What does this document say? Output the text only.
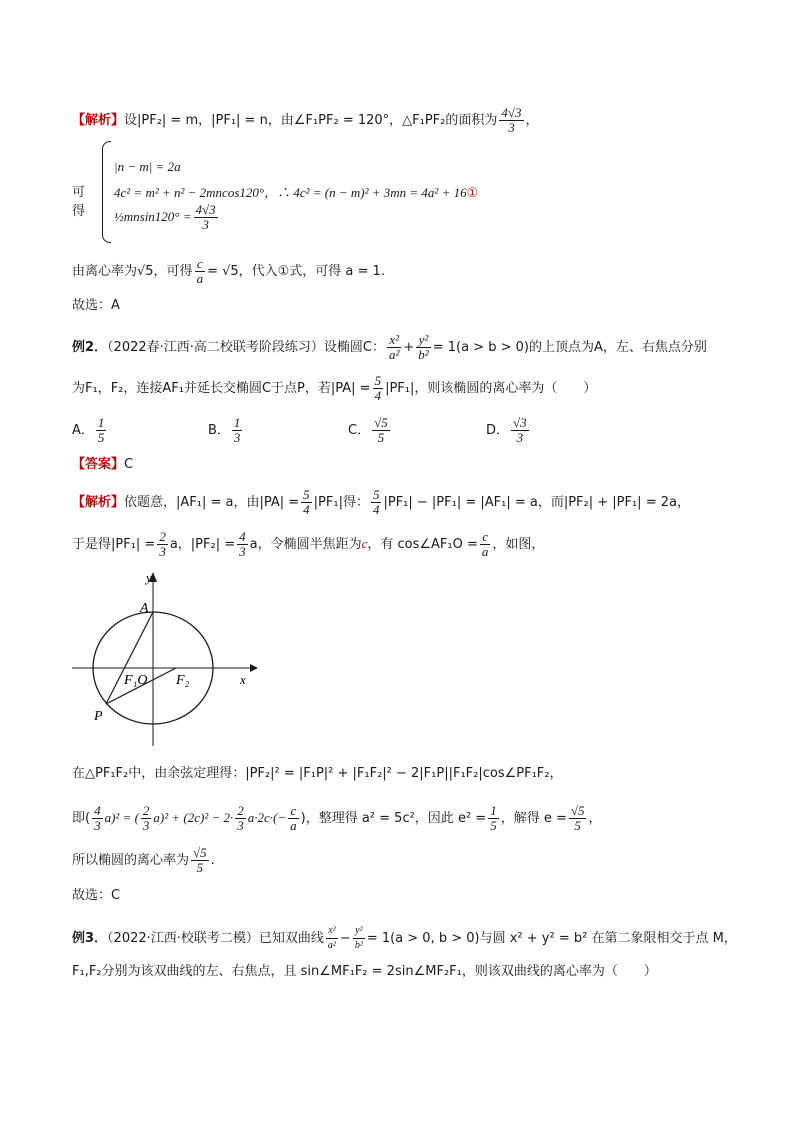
【解析】设|PF₂| = m，|PF₁| = n，由∠F₁PF₂ = 120°，△F₁PF₂的面积为 $\frac{4√3}{3}$ ，
可得
|n − m| = 2a
4c² = m² + n² − 2mncos120°，∴ 4c² = (n − m)² + 3mn = 4a² + 16①
½mnsin120° = $\frac{4√3}{3}$
由离心率为√5，可得 $\frac{c}{a} = √5$，代入①式，可得 a = 1.
故选：A
例2．（2022春·江西·高二校联考阶段练习）设椭圆C： $\frac{\text{x²}}{\text{a²}} + \frac{\text{y²}}{\text{b²}} = 1(a > b > 0)$的上顶点为A，左、右焦点分别
为F₁，F₂，连接AF₁并延长交椭圆C于点P，若$|PA| = \frac{5}{4} |PF_1|$，则该椭圆的离心率为（　　）
A． $\frac{1}{5}$	B． $\frac{1}{3}$	C． $\frac{√5}{5}$	D． $\frac{√3}{3}$
【答案】C
【解析】依题意，|AF₁| = a，由$|PA| = \frac{5}{4} |PF_1|$得： $\frac{5}{4} |PF_1| - |PF_1| = |AF_1| = a$，而|PF₂| + |PF₁| = 2a，
于是得$|PF_1| = \frac{2}{3}$ a，$|PF_2| = \frac{4}{3}$ a，令椭圆半焦距为c，有 cos∠AF₁O = $\frac{c}{a}$ ，如图，
y
x
A
F₁O F₂
P
在△PF₁F₂中，由余弦定理得：|PF₂|² = |F₁P|² + |F₁F₂|² − 2|F₁P||F₁F₂|cos∠PF₁F₂，
即( $\frac{4}{3} a)^2$ = ( $\frac{2}{3} a)^2 + (2c)^2 - 2\cdot \frac{2}{3} a\cdot 2c\cdot(- \frac{c}{a}$ )，整理得 a² = 5c²，因此 $e^2 = \frac{1}{5}$ ，解得 $e = \frac{√5}{5}$ ，
所以椭圆的离心率为 $\frac{√5}{5}$ .
故选：C
例3．（2022·江西·校联考二模）已知双曲线 $\frac{\text{x²}}{\text{a²}} - \frac{\text{y²}}{\text{b²}} = 1(a > 0$, b > 0)与圆 x² + y² = b² 在第二象限相交于点 M，
F₁,F₂分别为该双曲线的左、右焦点，且 sin∠MF₁F₂ = 2sin∠MF₂F₁，则该双曲线的离心率为（　　）
